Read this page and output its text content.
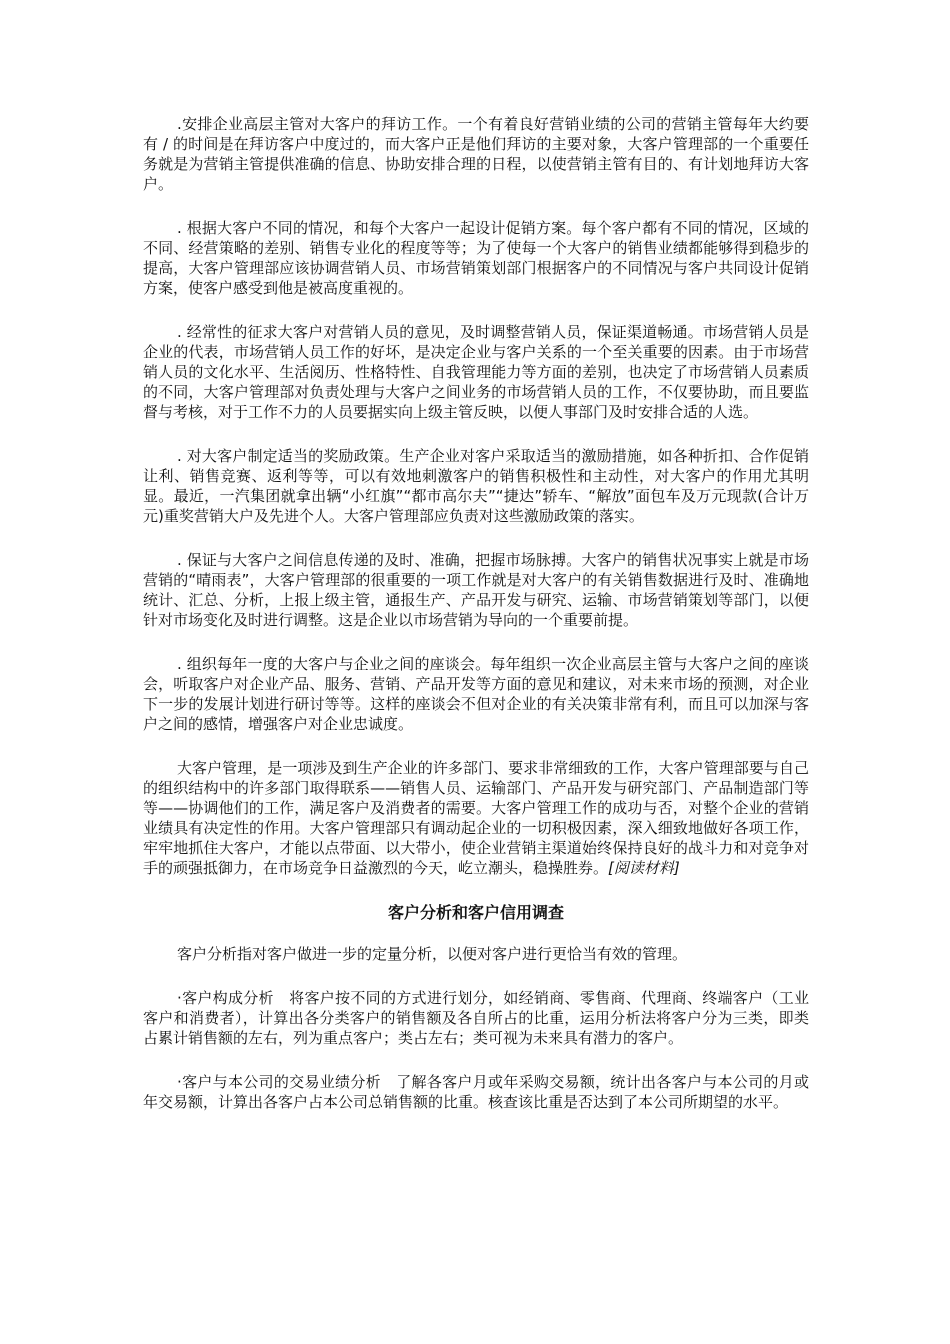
.安排企业高层主管对大客户的拜访工作。一个有着良好营销业绩的公司的营销主管每年大约要有 / 的时间是在拜访客户中度过的，而大客户正是他们拜访的主要对象，大客户管理部的一个重要任务就是为营销主管提供准确的信息、协助安排合理的日程，以使营销主管有目的、有计划地拜访大客户。

. 根据大客户不同的情况，和每个大客户一起设计促销方案。每个客户都有不同的情况，区域的不同、经营策略的差别、销售专业化的程度等等；为了使每一个大客户的销售业绩都能够得到稳步的提高，大客户管理部应该协调营销人员、市场营销策划部门根据客户的不同情况与客户共同设计促销方案，使客户感受到他是被高度重视的。

. 经常性的征求大客户对营销人员的意见，及时调整营销人员，保证渠道畅通。市场营销人员是企业的代表，市场营销人员工作的好坏，是决定企业与客户关系的一个至关重要的因素。由于市场营销人员的文化水平、生活阅历、性格特性、自我管理能力等方面的差别，也决定了市场营销人员素质的不同，大客户管理部对负责处理与大客户之间业务的市场营销人员的工作，不仅要协助，而且要监督与考核，对于工作不力的人员要据实向上级主管反映，以便人事部门及时安排合适的人选。

. 对大客户制定适当的奖励政策。生产企业对客户采取适当的激励措施，如各种折扣、合作促销让利、销售竞赛、返利等等，可以有效地刺激客户的销售积极性和主动性，对大客户的作用尤其明显。最近，一汽集团就拿出辆“小红旗”“都市高尔夫”“捷达”轿车、“解放”面包车及万元现款(合计万元)重奖营销大户及先进个人。大客户管理部应负责对这些激励政策的落实。

. 保证与大客户之间信息传递的及时、准确，把握市场脉搏。大客户的销售状况事实上就是市场营销的“晴雨表”，大客户管理部的很重要的一项工作就是对大客户的有关销售数据进行及时、准确地统计、汇总、分析，上报上级主管，通报生产、产品开发与研究、运输、市场营销策划等部门，以便针对市场变化及时进行调整。这是企业以市场营销为导向的一个重要前提。

. 组织每年一度的大客户与企业之间的座谈会。每年组织一次企业高层主管与大客户之间的座谈会，听取客户对企业产品、服务、营销、产品开发等方面的意见和建议，对未来市场的预测，对企业下一步的发展计划进行研讨等等。这样的座谈会不但对企业的有关决策非常有利，而且可以加深与客户之间的感情，增强客户对企业忠诚度。

大客户管理，是一项涉及到生产企业的许多部门、要求非常细致的工作，大客户管理部要与自己的组织结构中的许多部门取得联系——销售人员、运输部门、产品开发与研究部门、产品制造部门等等——协调他们的工作，满足客户及消费者的需要。大客户管理工作的成功与否，对整个企业的营销业绩具有决定性的作用。大客户管理部只有调动起企业的一切积极因素，深入细致地做好各项工作，牢牢地抓住大客户，才能以点带面、以大带小，使企业营销主渠道始终保持良好的战斗力和对竞争对手的顽强抵御力，在市场竞争日益激烈的今天，屹立潮头，稳操胜券。[阅读材料]

客户分析和客户信用调查

客户分析指对客户做进一步的定量分析，以便对客户进行更恰当有效的管理。

·客户构成分析　将客户按不同的方式进行划分，如经销商、零售商、代理商、终端客户（工业客户和消费者），计算出各分类客户的销售额及各自所占的比重，运用分析法将客户分为三类，即类占累计销售额的左右，列为重点客户；类占左右；类可视为未来具有潜力的客户。

·客户与本公司的交易业绩分析　了解各客户月或年采购交易额，统计出各客户与本公司的月或年交易额，计算出各客户占本公司总销售额的比重。核查该比重是否达到了本公司所期望的水平。
